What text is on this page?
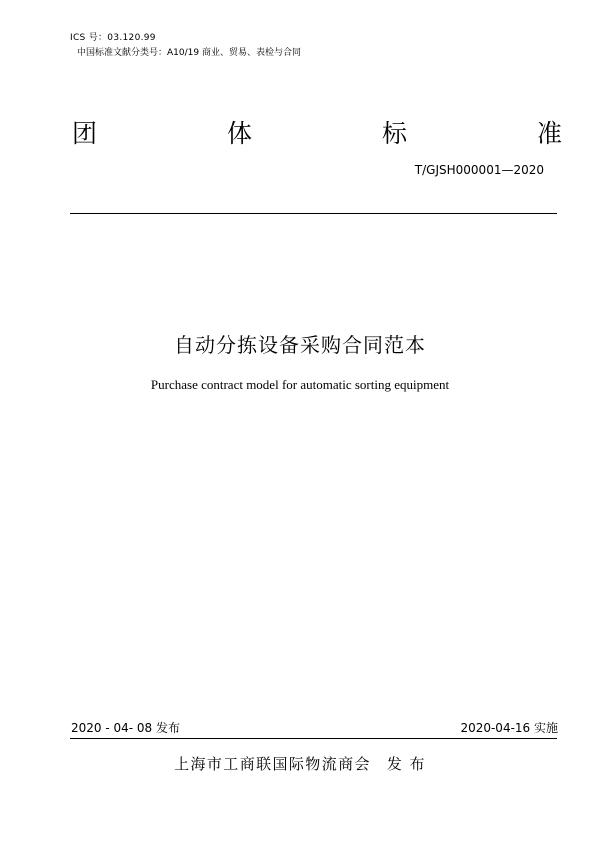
ICS 号：03.120.99
中国标准文献分类号：A10/19 商业、贸易、表检与合同
团	体	标	准
T/GJSH000001—2020
自动分拣设备采购合同范本
Purchase contract model for automatic sorting equipment
2020 - 04- 08 发布	2020-04-16 实施
上海市工商联国际物流商会 发 布
